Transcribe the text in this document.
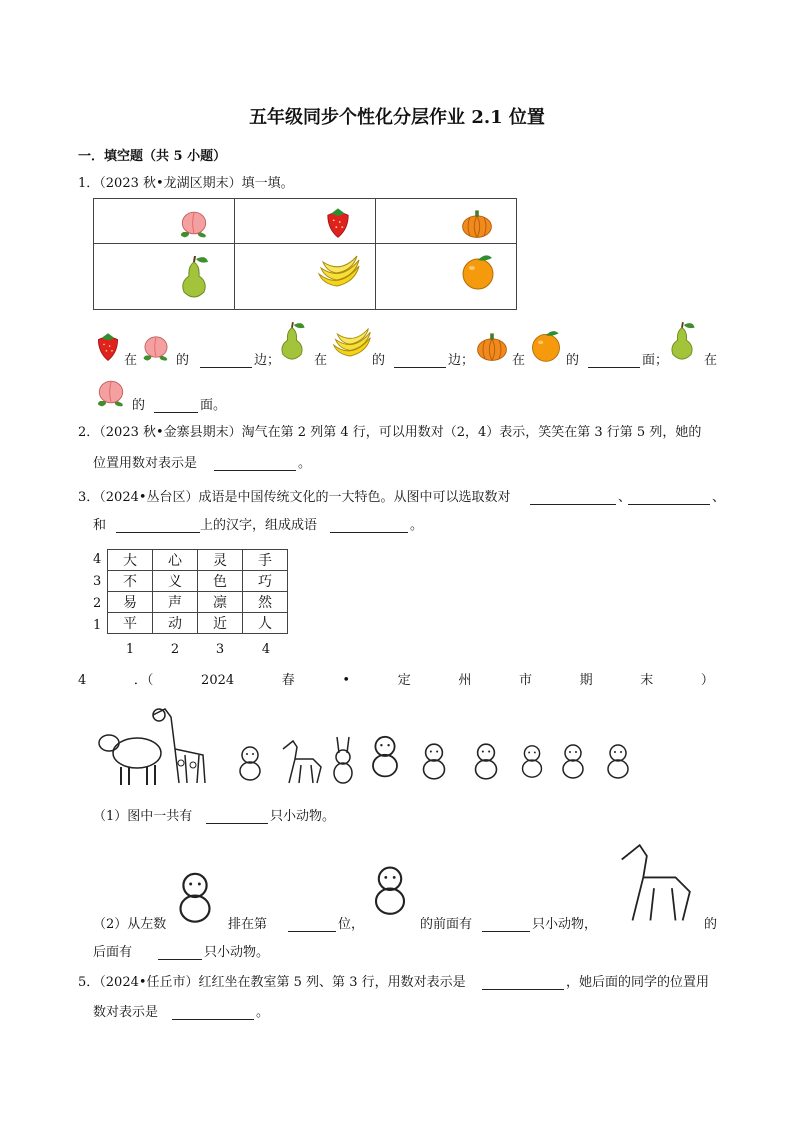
五年级同步个性化分层作业 2.1 位置
一．填空题（共 5 小题）
1．（2023 秋•龙湖区期末）填一填。

在	的	边；	在	的	边；	在	的	面；	在
的	面。
2．（2023 秋•金寨县期末）淘气在第 2 列第 4 行，可以用数对（2，4）表示，笑笑在第 3 行第 5 列，她的
位置用数对表示是	。
3．（2024•丛台区）成语是中国传统文化的一大特色。从图中可以选取数对	、	、
和	上的汉字，组成成语	。
4
3
2
1
大	心	灵	手
不	义	色	巧
易	声	凛	然
平	动	近	人
1	2	3	4
4	．（	2024	春	•	定	州	市	期	末	）
（1）图中一共有	只小动物。
（2）从左数	排在第	位，	的前面有	只小动物，	的
后面有	只小动物。
5．（2024•任丘市）红红坐在教室第 5 列、第 3 行，用数对表示是	，她后面的同学的位置用
数对表示是	。
